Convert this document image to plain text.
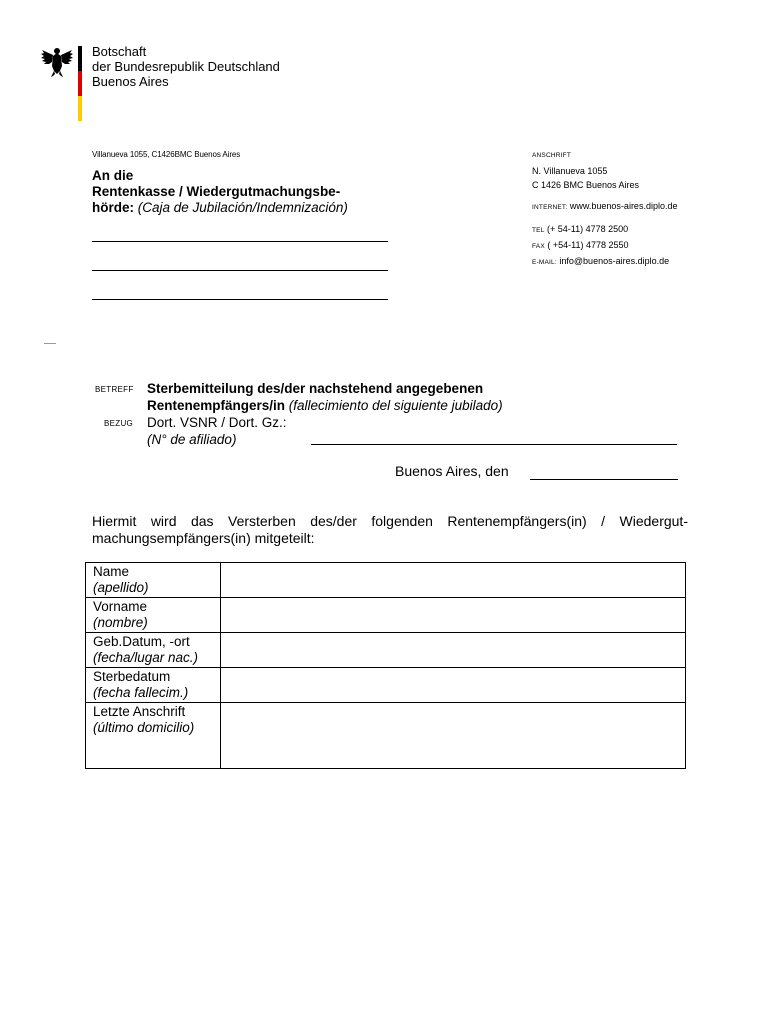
Botschaft
der Bundesrepublik Deutschland
Buenos Aires
Villanueva 1055, C1426BMC Buenos Aires
An die
Rentenkasse / Wiedergutmachungsbe-
hörde: (Caja de Jubilación/Indemnización)
ANSCHRIFT
N. Villanueva 1055
C 1426 BMC Buenos Aires
INTERNET: www.buenos-aires.diplo.de
TEL (+ 54-11) 4778 2500
FAX ( +54-11) 4778 2550
E-MAIL: info@buenos-aires.diplo.de
BETREFF Sterbemitteilung des/der nachstehend angegebenen
Rentenempfängers/in (fallecimiento del siguiente jubilado)
BEZUG Dort. VSNR / Dort. Gz.:
(N° de afiliado)
Buenos Aires, den
Hiermit wird das Versterben des/der folgenden Rentenempfängers(in) / Wiedergut-machungsempfängers(in) mitgeteilt:
Name
(apellido)	

Vorname
(nombre)	

Geb.Datum, -ort
(fecha/lugar nac.)	

Sterbedatum
(fecha fallecim.)	

Letzte Anschrift
(último domicilio)	
